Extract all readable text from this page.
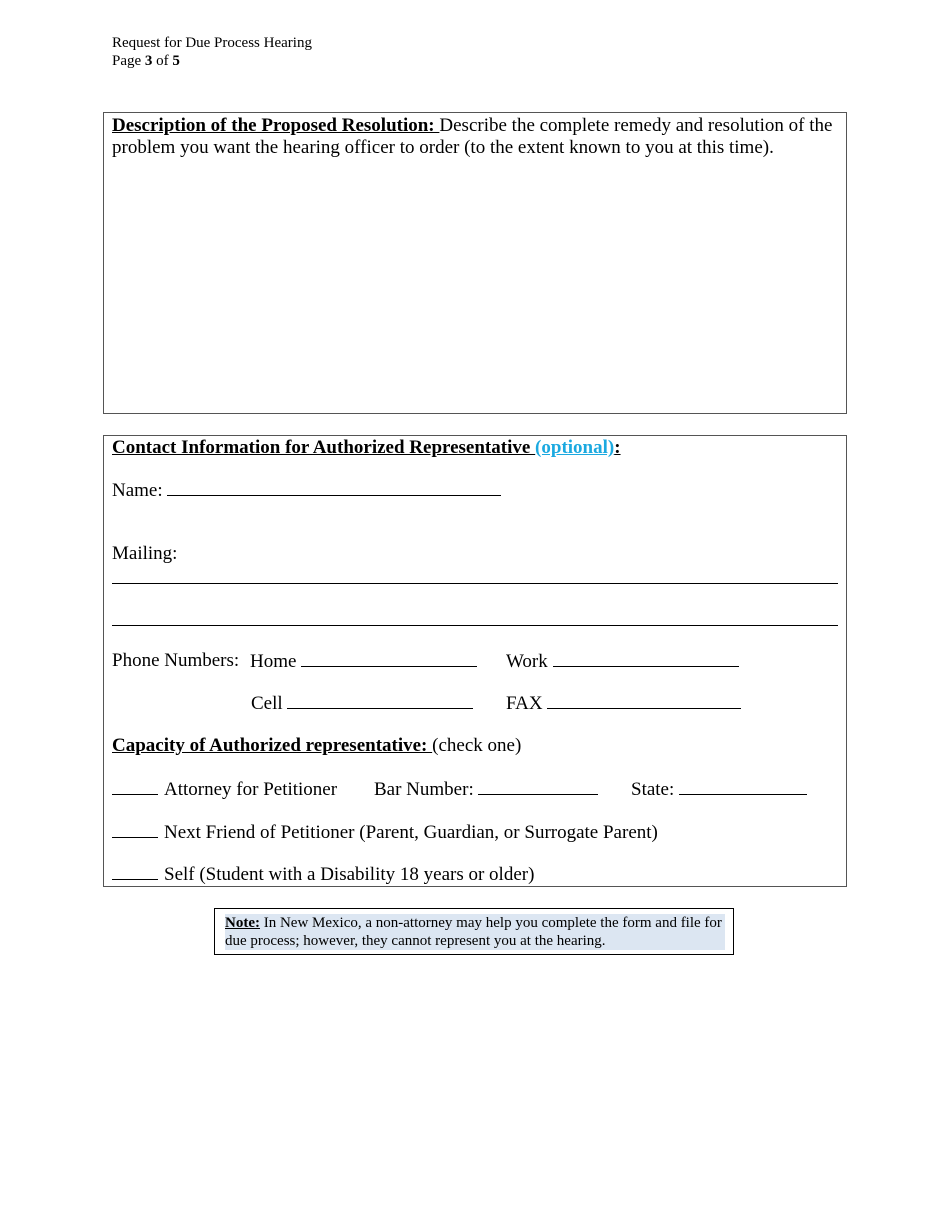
Request for Due Process Hearing
Page 3 of 5
Description of the Proposed Resolution: Describe the complete remedy and resolution of the problem you want the hearing officer to order (to the extent known to you at this time).
Contact Information for Authorized Representative (optional):
Name:
Mailing:
Phone Numbers: Home	Work
Cell	FAX
Capacity of Authorized representative: (check one)
Attorney for Petitioner Bar Number:	State:
Next Friend of Petitioner (Parent, Guardian, or Surrogate Parent)
Self (Student with a Disability 18 years or older)
Note: In New Mexico, a non-attorney may help you complete the form and file for due process; however, they cannot represent you at the hearing.
